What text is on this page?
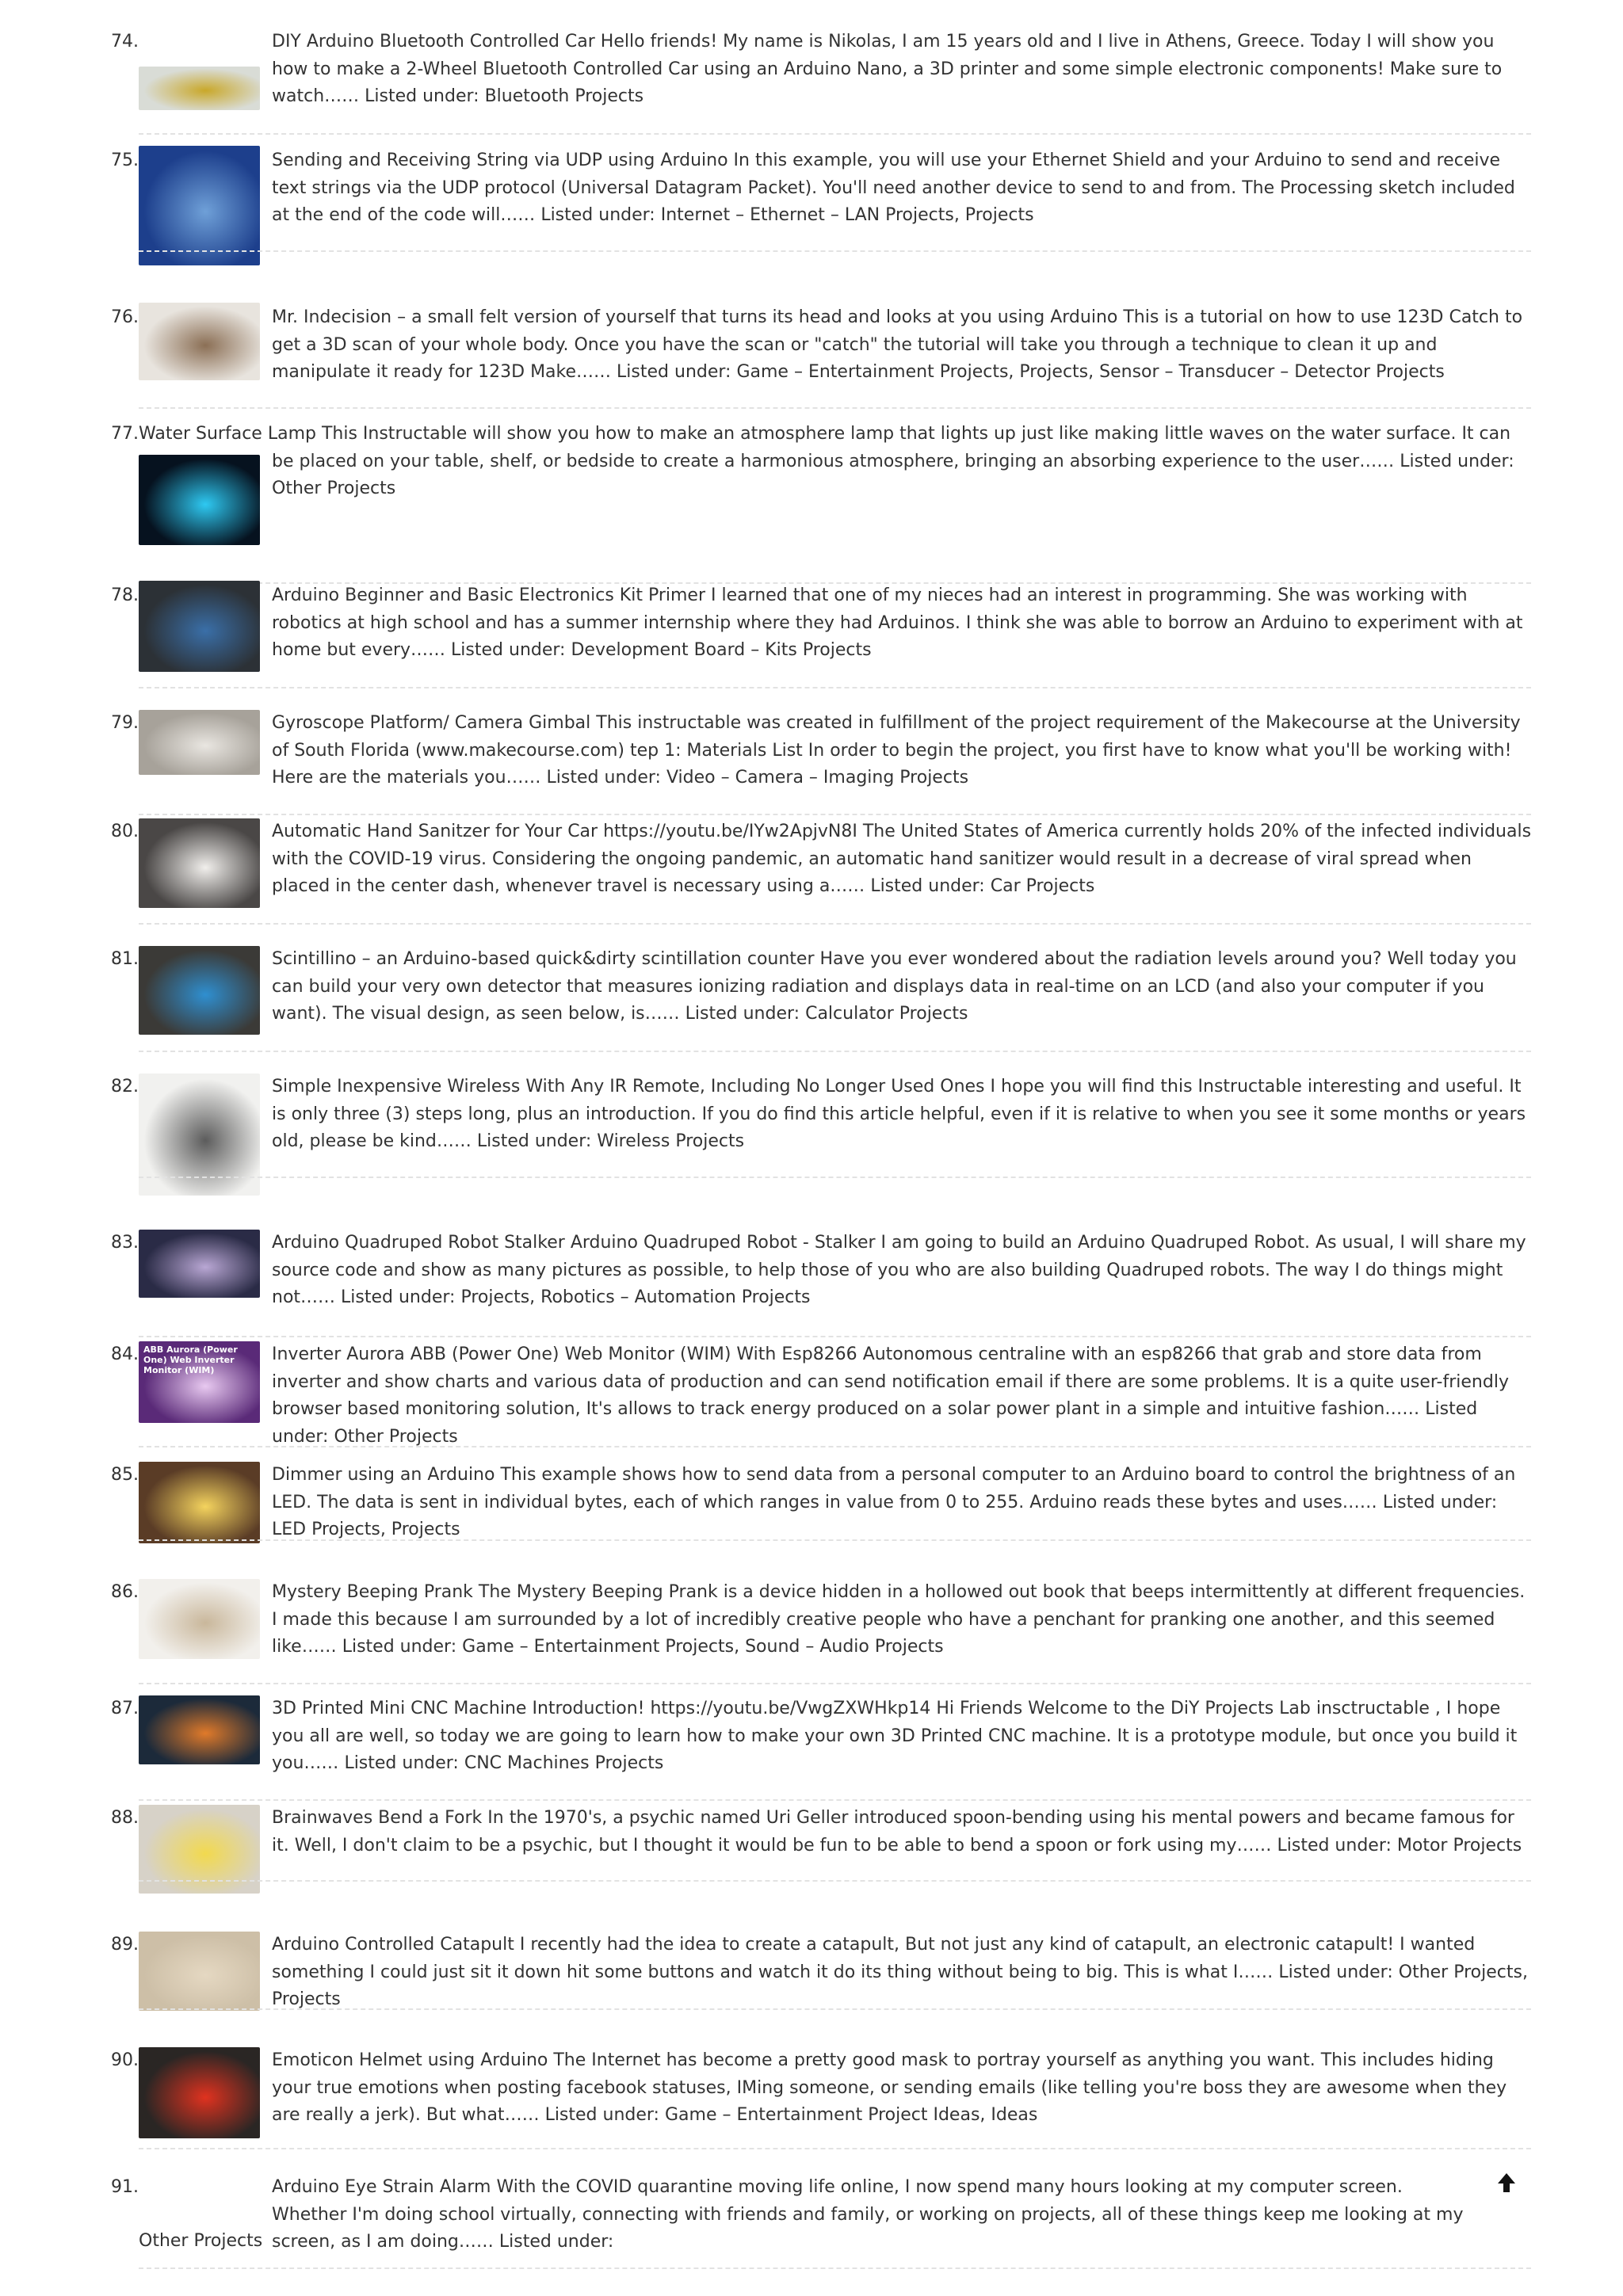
74.	DIY Arduino Bluetooth Controlled Car Hello friends! My name is Nikolas, I am 15 years old and I live in Athens, Greece. Today I will show you how to make a 2-Wheel Bluetooth Controlled Car using an Arduino Nano, a 3D printer and some simple electronic components! Make sure to watch…… Listed under: Bluetooth Projects
75.	Sending and Receiving String via UDP using Arduino In this example, you will use your Ethernet Shield and your Arduino to send and receive text strings via the UDP protocol (Universal Datagram Packet). You'll need another device to send to and from. The Processing sketch included at the end of the code will…… Listed under: Internet – Ethernet – LAN Projects, Projects
76.	Mr. Indecision – a small felt version of yourself that turns its head and looks at you using Arduino This is a tutorial on how to use 123D Catch to get a 3D scan of your whole body. Once you have the scan or "catch" the tutorial will take you through a technique to clean it up and manipulate it ready for 123D Make…… Listed under: Game – Entertainment Projects, Projects, Sensor – Transducer – Detector Projects
77. Water Surface Lamp This Instructable will show you how to make an atmosphere lamp that lights up just like making little waves on the water surface. It can be placed on your table, shelf, or bedside to create a harmonious atmosphere, bringing an absorbing experience to the user…… Listed under: Other Projects
78.	Arduino Beginner and Basic Electronics Kit Primer I learned that one of my nieces had an interest in programming. She was working with robotics at high school and has a summer internship where they had Arduinos. I think she was able to borrow an Arduino to experiment with at home but every…… Listed under: Development Board – Kits Projects
79.	Gyroscope Platform/ Camera Gimbal This instructable was created in fulfillment of the project requirement of the Makecourse at the University of South Florida (www.makecourse.com) tep 1: Materials List In order to begin the project, you first have to know what you'll be working with! Here are the materials you…… Listed under: Video – Camera – Imaging Projects
80.	Automatic Hand Sanitzer for Your Car https://youtu.be/IYw2ApjvN8I The United States of America currently holds 20% of the infected individuals with the COVID-19 virus. Considering the ongoing pandemic, an automatic hand sanitizer would result in a decrease of viral spread when placed in the center dash, whenever travel is necessary using a…… Listed under: Car Projects
81.	Scintillino – an Arduino-based quick&dirty scintillation counter Have you ever wondered about the radiation levels around you? Well today you can build your very own detector that measures ionizing radiation and displays data in real-time on an LCD (and also your computer if you want). The visual design, as seen below, is…… Listed under: Calculator Projects
82.	Simple Inexpensive Wireless With Any IR Remote, Including No Longer Used Ones I hope you will find this Instructable interesting and useful. It is only three (3) steps long, plus an introduction. If you do find this article helpful, even if it is relative to when you see it some months or years old, please be kind…… Listed under: Wireless Projects
83.	Arduino Quadruped Robot Stalker Arduino Quadruped Robot - Stalker I am going to build an Arduino Quadruped Robot. As usual, I will share my source code and show as many pictures as possible, to help those of you who are also building Quadruped robots. The way I do things might not…… Listed under: Projects, Robotics – Automation Projects
84. ABB Aurora (Power One) Web Inverter Monitor (WIM)
Inverter Aurora ABB (Power One) Web Monitor (WIM) With Esp8266 Autonomous centraline with an esp8266 that grab and store data from inverter and show charts and various data of production and can send notification email if there are some problems. It is a quite user-friendly browser based monitoring solution, It's allows to track energy produced on a solar power plant in a simple and intuitive fashion…… Listed under: Other Projects
85.	Dimmer using an Arduino This example shows how to send data from a personal computer to an Arduino board to control the brightness of an LED. The data is sent in individual bytes, each of which ranges in value from 0 to 255. Arduino reads these bytes and uses…… Listed under: LED Projects, Projects
86.	Mystery Beeping Prank The Mystery Beeping Prank is a device hidden in a hollowed out book that beeps intermittently at different frequencies. I made this because I am surrounded by a lot of incredibly creative people who have a penchant for pranking one another, and this seemed like…… Listed under: Game – Entertainment Projects, Sound – Audio Projects
87.	3D Printed Mini CNC Machine Introduction! https://youtu.be/VwgZXWHkp14 Hi Friends Welcome to the DiY Projects Lab insctructable , I hope you all are well, so today we are going to learn how to make your own 3D Printed CNC machine. It is a prototype module, but once you build it you…… Listed under: CNC Machines Projects
88.	Brainwaves Bend a Fork In the 1970's, a psychic named Uri Geller introduced spoon-bending using his mental powers and became famous for it. Well, I don't claim to be a psychic, but I thought it would be fun to be able to bend a spoon or fork using my…… Listed under: Motor Projects
89.	Arduino Controlled Catapult I recently had the idea to create a catapult, But not just any kind of catapult, an electronic catapult! I wanted something I could just sit it down hit some buttons and watch it do its thing without being to big. This is what I…… Listed under: Other Projects, Projects
90.	Emoticon Helmet using Arduino The Internet has become a pretty good mask to portray yourself as anything you want. This includes hiding your true emotions when posting facebook statuses, IMing someone, or sending emails (like telling you're boss they are awesome when they are really a jerk). But what…… Listed under: Game – Entertainment Project Ideas, Ideas
91.	Arduino Eye Strain Alarm With the COVID quarantine moving life online, I now spend many hours looking at my computer screen. Whether I'm doing school virtually, connecting with friends and family, or working on projects, all of these things keep me looking at my screen, as I am doing…… Listed under:
Other Projects
